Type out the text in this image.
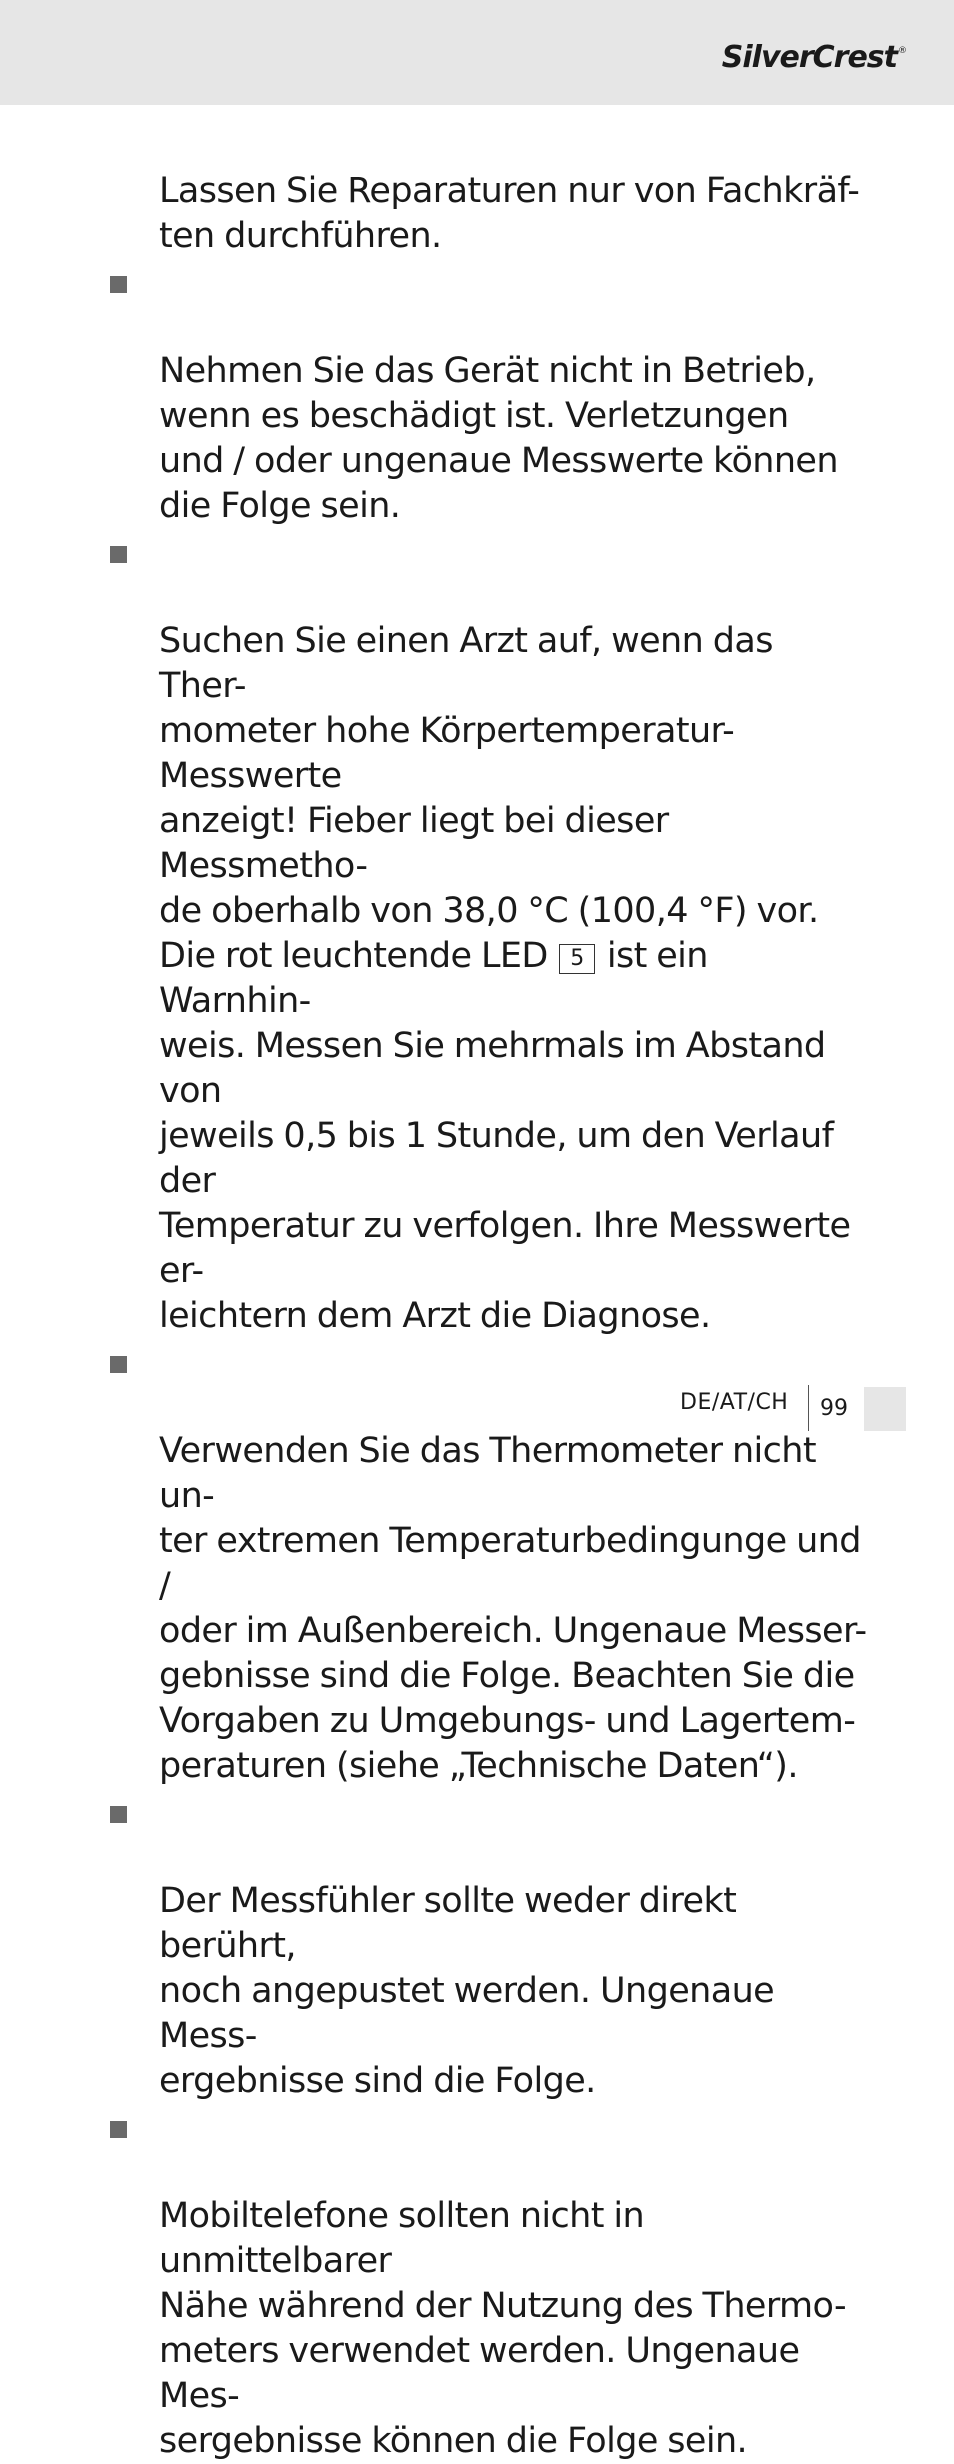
SilverCrest®

Lassen Sie Reparaturen nur von Fachkräf-
ten durchführen.

Nehmen Sie das Gerät nicht in Betrieb,
wenn es beschädigt ist. Verletzungen
und / oder ungenaue Messwerte können
die Folge sein.

Suchen Sie einen Arzt auf, wenn das Ther-
mometer hohe Körpertemperatur-Messwerte
anzeigt! Fieber liegt bei dieser Messmetho-
de oberhalb von 38,0 °C (100,4 °F) vor.
Die rot leuchtende LED 5 ist ein Warnhin-
weis. Messen Sie mehrmals im Abstand von
jeweils 0,5 bis 1 Stunde, um den Verlauf der
Temperatur zu verfolgen. Ihre Messwerte er-
leichtern dem Arzt die Diagnose.

Verwenden Sie das Thermometer nicht un-
ter extremen Temperaturbedingunge und /
oder im Außenbereich. Ungenaue Messer-
gebnisse sind die Folge. Beachten Sie die
Vorgaben zu Umgebungs- und Lagertem-
peraturen (siehe „Technische Daten“).

Der Messfühler sollte weder direkt berührt,
noch angepustet werden. Ungenaue Mess-
ergebnisse sind die Folge.

Mobiltelefone sollten nicht in unmittelbarer
Nähe während der Nutzung des Thermo-
meters verwendet werden. Ungenaue Mes-
sergebnisse können die Folge sein.

DE/AT/CH 99
